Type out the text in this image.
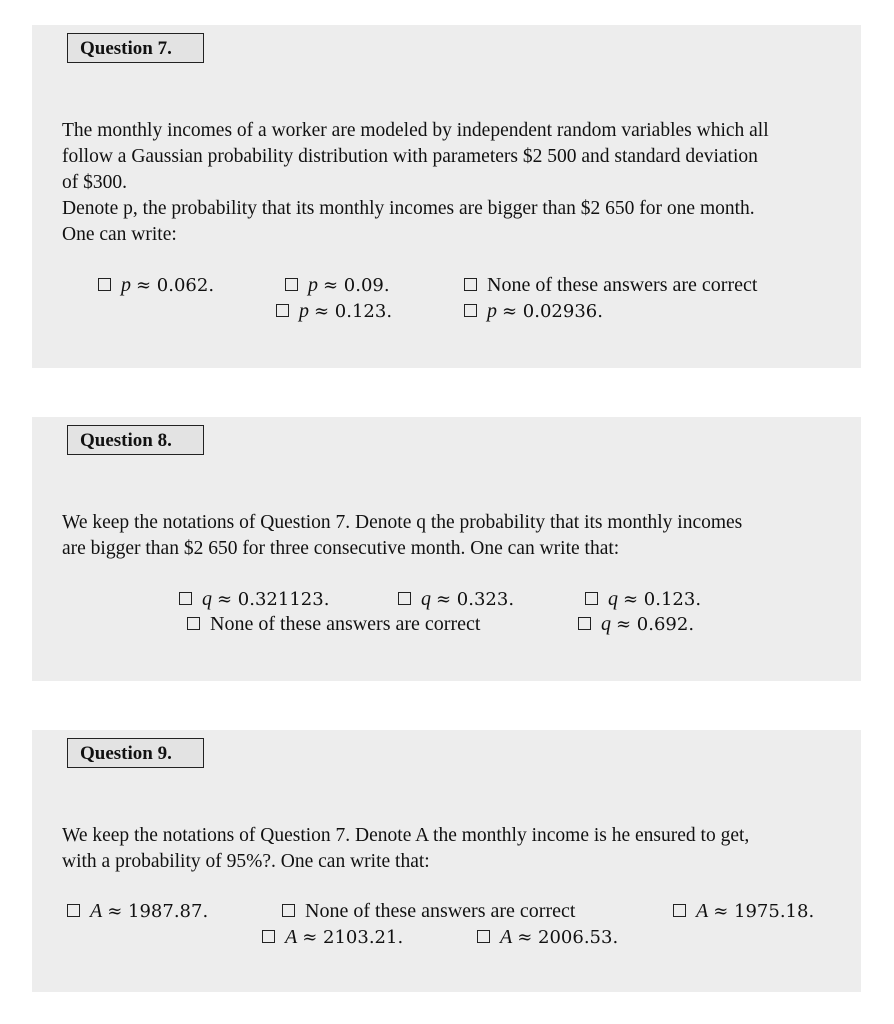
Question 7.
The monthly incomes of a worker are modeled by independent random variables which all
follow a Gaussian probability distribution with parameters $2 500 and standard deviation
of $300.
Denote p, the probability that its monthly incomes are bigger than $2 650 for one month.
One can write:
p ≈ 0.062.	p ≈ 0.09.	None of these answers are correct
p ≈ 0.123.	p ≈ 0.02936.
Question 8.
We keep the notations of Question 7. Denote q the probability that its monthly incomes
are bigger than $2 650 for three consecutive month. One can write that:
q ≈ 0.321123.	q ≈ 0.323.	q ≈ 0.123.
None of these answers are correct	q ≈ 0.692.
Question 9.
We keep the notations of Question 7. Denote A the monthly income is he ensured to get,
with a probability of 95%?. One can write that:
A ≈ 1987.87.	None of these answers are correct	A ≈ 1975.18.
A ≈ 2103.21.	A ≈ 2006.53.
